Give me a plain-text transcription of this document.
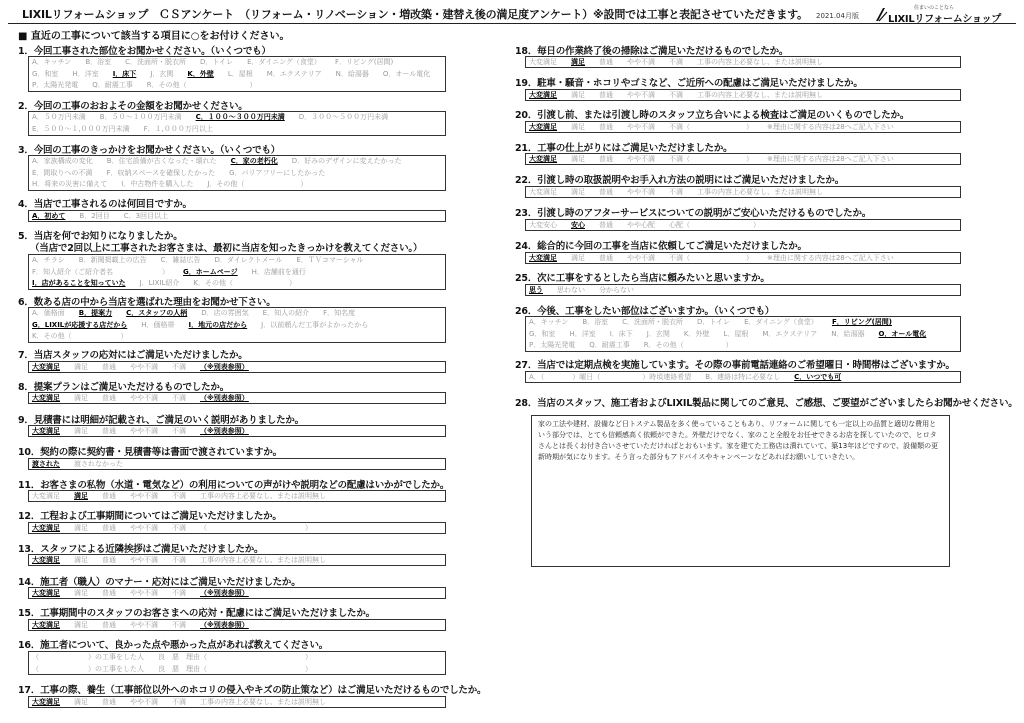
LIXILリフォームショップ　ＣＳアンケート　（リフォーム・リノベーション・増改築・建替え後の満足度アンケート）※設問では工事と表記させていただきます。 2021.04月版
住まいのことなら
LIXILリフォームショップ
■ 直近の工事について該当する項目に○をお付けください。
1．今回工事された部位をお聞かせください。（いくつでも）
A．キッチン B．浴室 C．洗面所・脱衣所 D．トイレ E．ダイニング（食堂） F．リビング(居間)
G．和室 H．洋室 I．床下 J．玄関 K．外壁 L．屋根 M．エクステリア N．給湯器 O．オール電化
P．太陽光発電 Q．耐震工事 R．その他（　　　　　　　　　）
2．今回の工事のおおよその金額をお聞かせください。
A．５０万円未満 B．５０～１００万円未満 C．１００～３００万円未満 D．３００～５００万円未満
E．５００～１,０００万円未満 F．１,０００万円以上
3．今回の工事のきっかけをお聞かせください。（いくつでも）
A．家族構成の変化 B．住宅設備が古くなった・壊れた C．家の老朽化 D．好みのデザインに変えたかった
E．間取りへの不満 F．収納スペースを確保したかった G．バリアフリーにしたかった
H．将来の災害に備えて I．中古物件を購入した J．その他（　　　　　　　　）
4．当店で工事されるのは何回目ですか。
A．初めて B．2回目 C．3回目以上
5．当店を何でお知りになりましたか。
（当店で2回以上に工事されたお客さまは、最初に当店を知ったきっかけを教えてください。）
A．チラシ B．新聞掲載上の広告 C．雑誌広告 D．ダイレクトメール E．ＴＶコマーシャル
F．知人紹介（ご紹介者名　　　　　　　） G．ホームページ H．店舗前を通行
I．店があることを知っていた J．LIXIL紹介 K．その他（　　　　　　　　）
6．数ある店の中から当店を選ばれた理由をお聞かせ下さい。
A．価格面 B．提案力 C．スタッフの人柄 D．店の雰囲気 E．知人の紹介 F．知名度
G．LIXILが応援する店だから H．価格帯 I．地元の店だから J．以前頼んだ工事がよかったから
K．その他（　　　　　　　）
7．当店スタッフの応対にはご満足いただけましたか。
大変満足 満足 普通 やや不満 不満 （※別表参照）
8．提案プランはご満足いただけるものでしたか。
大変満足 満足 普通 やや不満 不満 （※別表参照）
9．見積書には明細が記載され、ご満足のいく説明がありましたか。
大変満足 満足 普通 やや不満 不満 （※別表参照）
10．契約の際に契約書・見積書等は書面で渡されていますか。
渡された 渡されなかった
11．お客さまの私物（水道・電気など）の利用についての声がけや説明などの配慮はいかがでしたか。
大変満足 満足 普通 やや不満 不満 工事の内容上必要なし、または説明無し
12．工程および工事期間についてはご満足いただけましたか。
大変満足 満足 普通 やや不満 不満 （　　　　　　　　　　　　　　）
13．スタッフによる近隣挨拶はご満足いただけましたか。
大変満足 満足 普通 やや不満 不満 工事の内容上必要なし、または説明無し
14．施工者（職人）のマナー・応対にはご満足いただけましたか。
大変満足 満足 普通 やや不満 不満 （※別表参照）
15．工事期間中のスタッフのお客さまへの応対・配慮にはご満足いただけましたか。
大変満足 満足 普通 やや不満 不満 （※別表参照）
16．施工者について、良かった点や悪かった点があれば教えてください。
（　　　　　　　）の工事をした人　　良　悪　理由（　　　　　　　　　　　　　　）
（　　　　　　　）の工事をした人　　良　悪　理由（　　　　　　　　　　　　　　）
17．工事の際、養生（工事部位以外へのホコリの侵入やキズの防止策など）はご満足いただけるものでしたか。
大変満足 満足 普通 やや不満 不満 工事の内容上必要なし、または説明無し
18．毎日の作業終了後の掃除はご満足いただけるものでしたか。
大変満足 満足 普通 やや不満 不満 工事の内容上必要なし、または説明無し
19．駐車・騒音・ホコリやゴミなど、ご近所への配慮はご満足いただけましたか。
大変満足 満足 普通 やや不満 不満 工事の内容上必要なし、または説明無し
20．引渡し前、または引渡し時のスタッフ立ち合いによる検査はご満足のいくものでしたか。
大変満足 満足 普通 やや不満 不満（　　　　　　　　） ※理由に関する内容は28へご記入下さい
21．工事の仕上がりにはご満足いただけましたか。
大変満足 満足 普通 やや不満 不満（　　　　　　　　） ※理由に関する内容は28へご記入下さい
22．引渡し時の取扱説明やお手入れ方法の説明にはご満足いただけましたか。
大変満足 満足 普通 やや不満 不満 工事の内容上必要なし、または説明無し
23．引渡し時のアフターサービスについての説明がご安心いただけるものでしたか。
大変安心 安心 普通 やや心配 心配（　　　　　　　　　）
24．総合的に今回の工事を当店に依頼してご満足いただけましたか。
大変満足 満足 普通 やや不満 不満（　　　　　　　　） ※理由に関する内容は28へご記入下さい
25．次に工事をするとしたら当店に頼みたいと思いますか。
思う 思わない 分からない
26．今後、工事をしたい部位はございますか。（いくつでも）
A．キッチン B．浴室 C．洗面所・脱衣所 D．トイレ E．ダイニング（食堂） F．リビング(居間)
G．和室 H．洋室 I．床下 J．玄関 K．外壁 L．屋根 M．エクステリア N．給湯器 O．オール電化
P．太陽光発電 Q．耐震工事 R．その他（　　　　　　）
27．当店では定期点検を実施しています。その際の事前電話連絡のご希望曜日・時間帯はございますか。
A．（　　　　）曜日（　　　　　　）時頃連絡希望 B．連絡は特に必要なし C．いつでも可
28．当店のスタッフ、施工者およびLIXIL製品に関してのご意見、ご感想、ご要望がございましたらお聞かせください。
家の工法や建材、設備など日トステム製品を多く使っていることもあり、リフォームに関しても一定以上の品質と適切な費用という部分では、とても信頼感高く依頼ができた。外壁だけでなく、家のこと全般をお任せできるお店を探していたので、ヒロタさんとは長くお付き合いさせていただければとおもいます。家を建てた工務店は潰れていて、築13年ほどですので、設備類の更新時期が気になります。そう言った部分もアドバイスやキャンペーンなどあればお願いしていきたい。
